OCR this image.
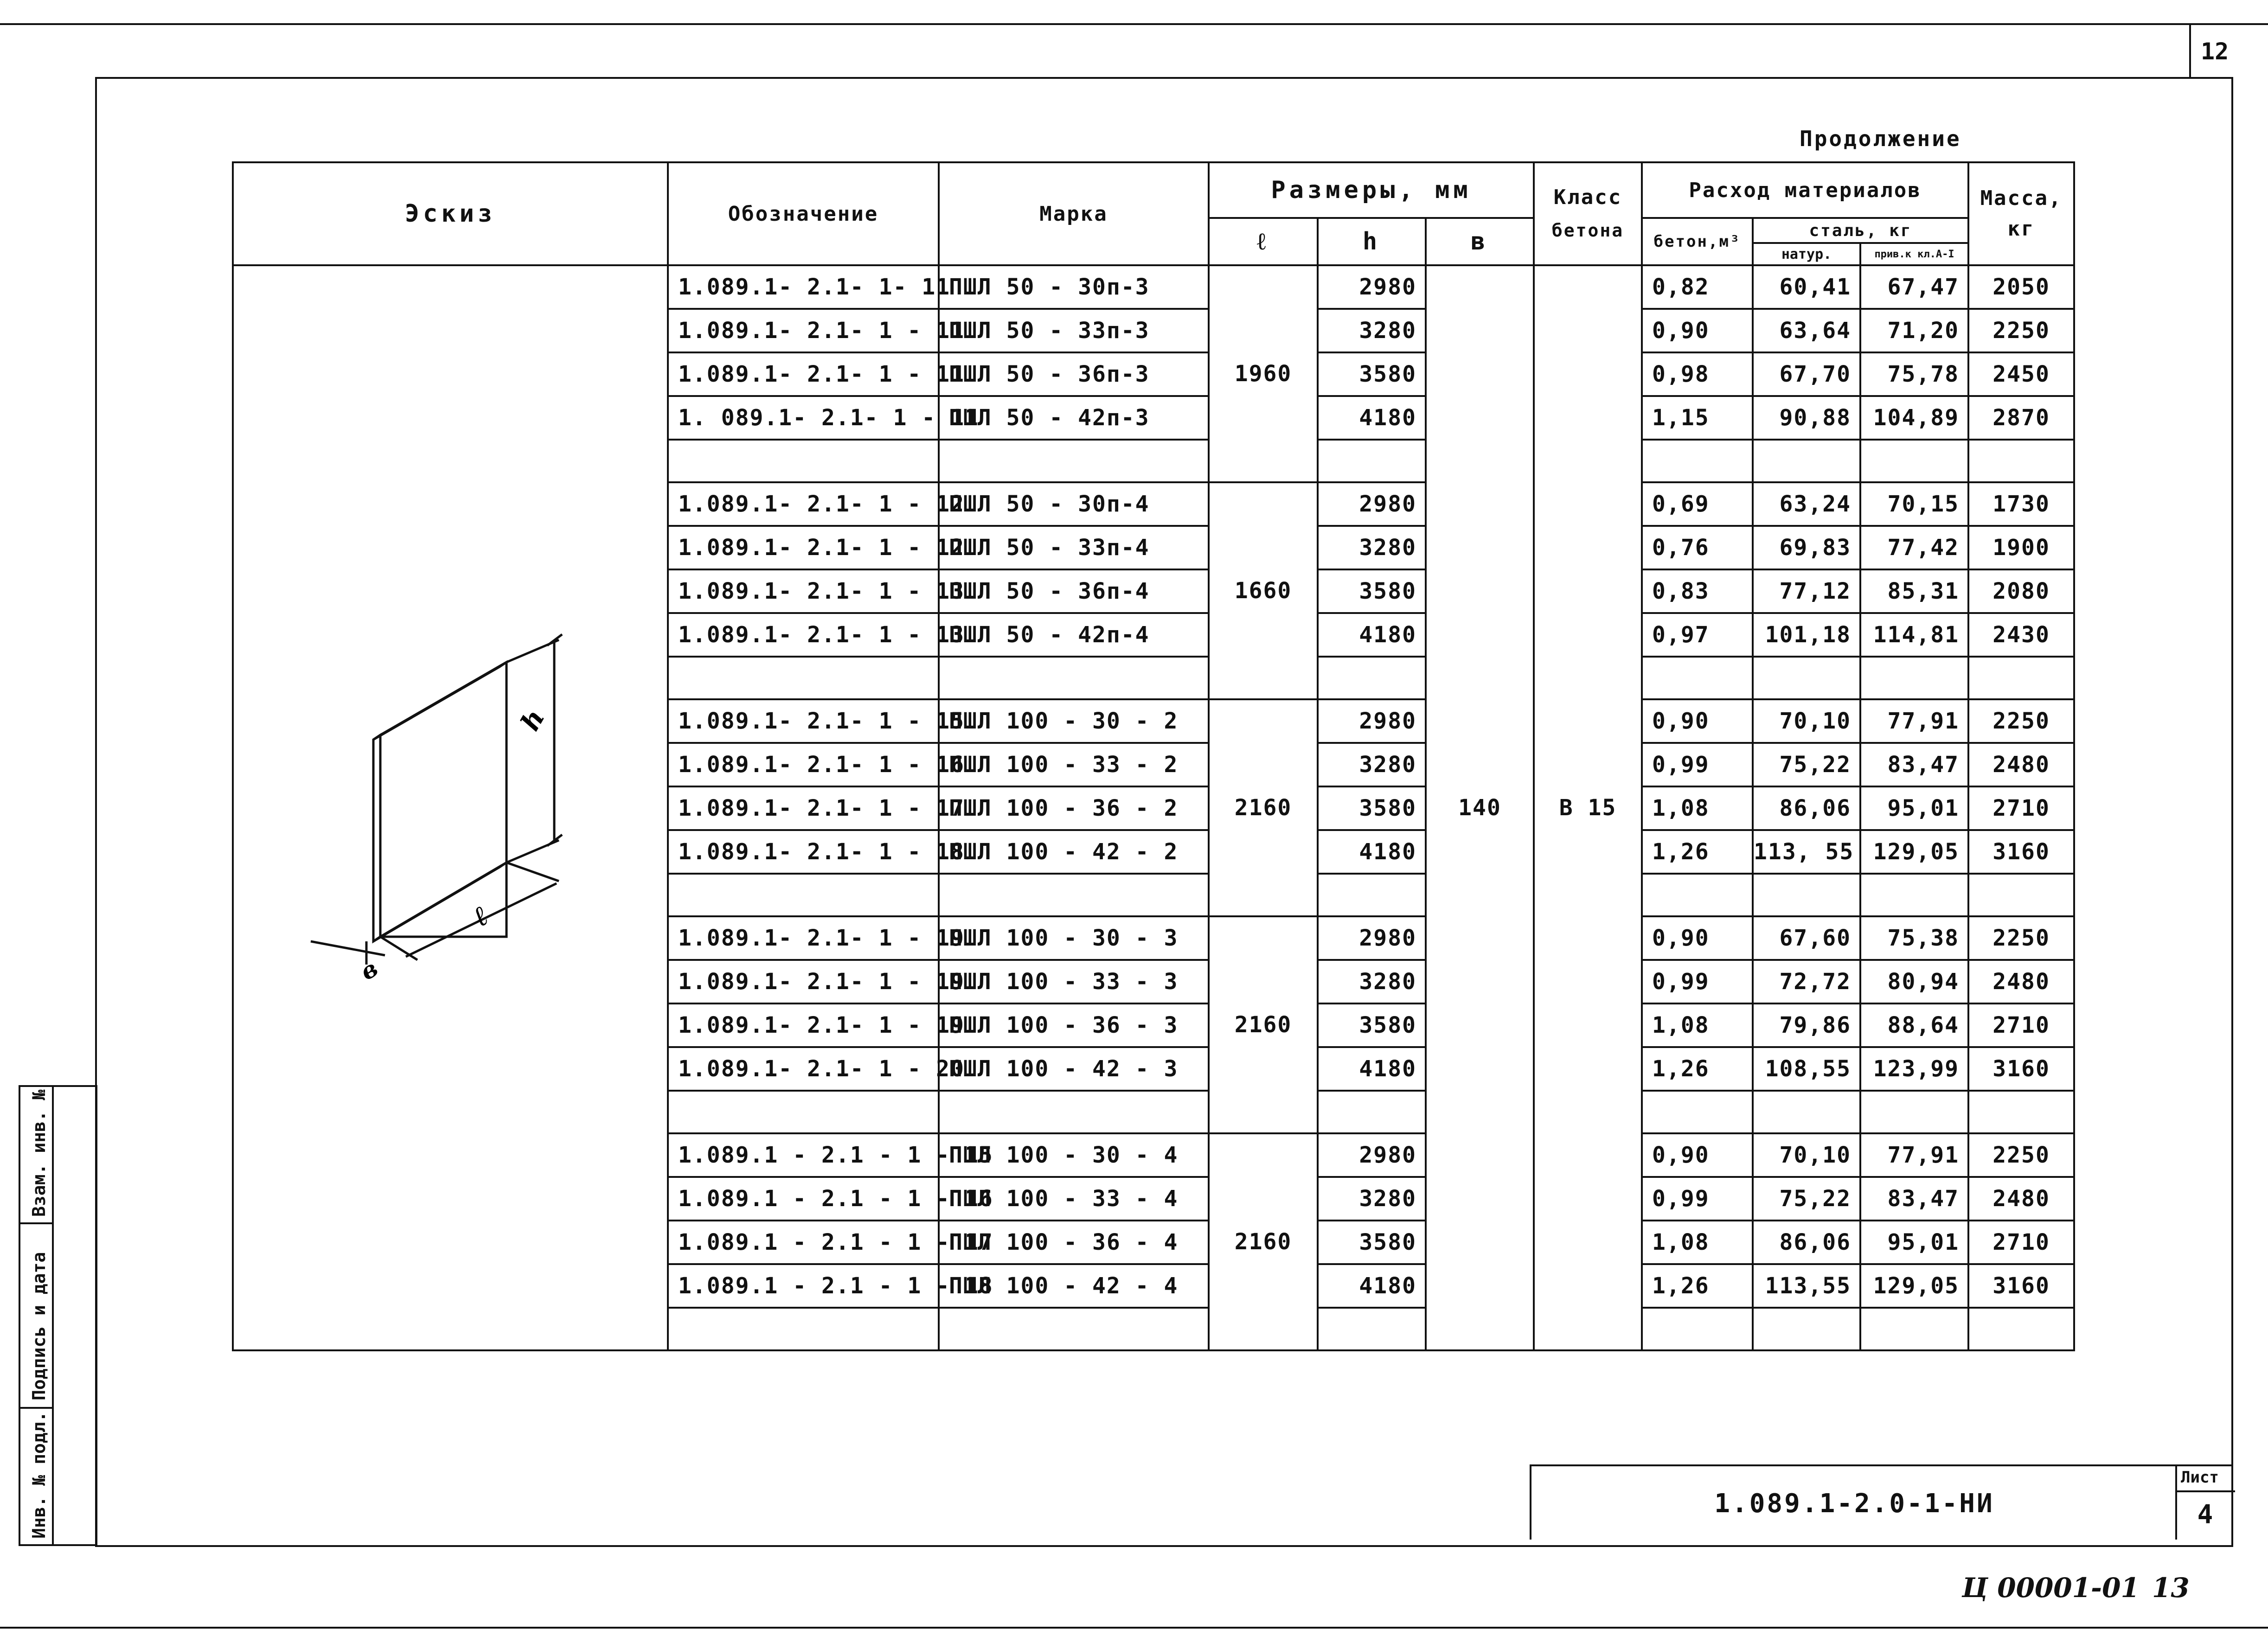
12
Продолжение
Эскиз	Обозначение	Марка	Размеры, мм			Класс
бетона	Расход материалов			Масса,
кг
			ℓ	h	в		бетон,м³	сталь, кг		
								натур.	прив.к кл.А-I	
	1.089.1- 2.1- 1- 11	ПШЛ 50 - 30п-3	1960	2980	140	В 15	0,82	60,41	67,47	2050
	1.089.1- 2.1- 1 - 11	ПШЛ 50 - 33п-3		3280			0,90	63,64	71,20	2250
	1.089.1- 2.1- 1 - 11	ПШЛ 50 - 36п-3		3580			0,98	67,70	75,78	2450
	1. 089.1- 2.1- 1 - 11	ПШЛ 50 - 42п-3		4180			1,15	90,88	104,89	2870

	1.089.1- 2.1- 1 - 12	ПШЛ 50 - 30п-4	1660	2980			0,69	63,24	70,15	1730
	1.089.1- 2.1- 1 - 12	ПШЛ 50 - 33п-4		3280			0,76	69,83	77,42	1900
	1.089.1- 2.1- 1 - 13	ПШЛ 50 - 36п-4		3580			0,83	77,12	85,31	2080
	1.089.1- 2.1- 1 - 13	ПШЛ 50 - 42п-4		4180			0,97	101,18	114,81	2430

	1.089.1- 2.1- 1 - 15	ПШЛ 100 - 30 - 2	2160	2980			0,90	70,10	77,91	2250
	1.089.1- 2.1- 1 - 16	ПШЛ 100 - 33 - 2		3280			0,99	75,22	83,47	2480
	1.089.1- 2.1- 1 - 17	ПШЛ 100 - 36 - 2		3580			1,08	86,06	95,01	2710
	1.089.1- 2.1- 1 - 18	ПШЛ 100 - 42 - 2		4180			1,26	113, 55	129,05	3160

	1.089.1- 2.1- 1 - 19	ПШЛ 100 - 30 - 3	2160	2980			0,90	67,60	75,38	2250
	1.089.1- 2.1- 1 - 19	ПШЛ 100 - 33 - 3		3280			0,99	72,72	80,94	2480
	1.089.1- 2.1- 1 - 19	ПШЛ 100 - 36 - 3		3580			1,08	79,86	88,64	2710
	1.089.1- 2.1- 1 - 20	ПШЛ 100 - 42 - 3		4180			1,26	108,55	123,99	3160

	1.089.1 - 2.1 - 1 - 15	ПШЛ 100 - 30 - 4	2160	2980			0,90	70,10	77,91	2250
	1.089.1 - 2.1 - 1 - 16	ПШЛ 100 - 33 - 4		3280			0,99	75,22	83,47	2480
	1.089.1 - 2.1 - 1 - 17	ПШЛ 100 - 36 - 4		3580			1,08	86,06	95,01	2710
	1.089.1 - 2.1 - 1 - 18	ПШЛ 100 - 42 - 4		4180			1,26	113,55	129,05	3160

h
ℓ
в
Взам. инв. №
Подпись и дата
Инв. № подл.	1.089.1-2.0-1-НИ
Лист
4
Ц 00001-01 13
